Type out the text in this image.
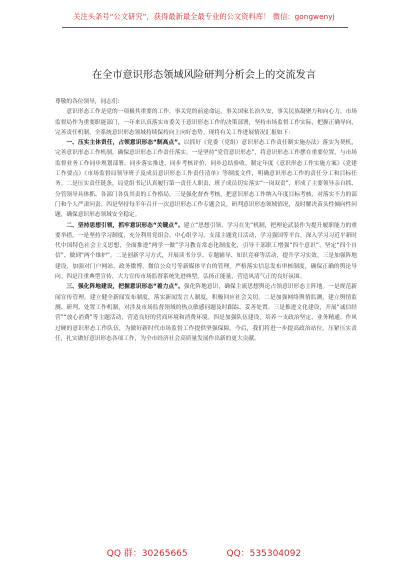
关注头条号“公文研究”，获得最新最全最专业的公文资料库！ 微信：gongwenyj
在全市意识形态领域风险研判分析会上的交流发言

尊敬的各位领导，同志们：

意识形态工作是党的一项极其重要的工作，事关党的前途命运，事关国家长治久安，事关民族凝聚力和向心力。市场监督局作为重要职能部门，一年来认真落实市委关于意识形态工作的决策部署，坚持市场监督工作实际，把握正确导向，完善责任机制，全系统意识形态领域持续保持向上向好态势。现将有关工作进展情况汇报如下：

一、压实主体责任，占领意识形态“制高点”。以抓好《党委（党组）意识形态工作责任制实施办法》落实为契机，完善意识形态工作机制，确保意识形态工作责任落实。一是坚持“党管意识形态”，将意识形态工作摆在重要位置，与市场监督业务工作同步规划部署、同步落实推进、同步考核评价，同步总结验收。制定年度《意识形态工作实施方案》《党建工作要点》《市场监督局领导班子及成员意识形态工作责任清单》等制度文件，明确意识形态工作的责任分工和目标任务。二是压实责任链条，局党组书记认真履行第一责任人职责，班子成员切实落实“一岗双责”，形成了主要领导亲自抓、分管领导具体抓、各部门各负其责的工作格局。三是强化督查考核，把意识形态工作纳入年度目标考核，对落实不力的部门和个人严肃问责。四是坚持每半年召开一次意识形态工作专题会议，研判意识形态领域情况，及时解决苗头性倾向性问题，确保意识形态领域安全稳定。

二、坚持思想引领，抓牢意识形态“关键点”。建立“思想引领、学习在先”机制，把理论武装作为提升履职能力的重要举措，一是坚持学习制度，充分利用党组会、中心组学习、支部主题党日活动，学习强国等平台，深入学习习近平新时代中国特色社会主义思想，全面推进“两学一做”学习教育常态化制度化，引导干部职工增强“四个意识”、坚定“四个自信”、做到“两个维护”。二是创新学习方式，开展读书分享、专题辅导、知识竞赛等活动，提升学习实效。三是加强阵地建设，加强对门户网站、政务微博、微信公众号等新媒体平台的管理，严格落实信息发布审核制度，确保正确的舆论导向。四是注重典型宣传，大力宣传市场监督系统先进典型，弘扬正能量，营造风清气正的良好氛围。

三、强化阵地建设，把握意识形态“着力点”。强化阵地意识，确保主流思想舆论占领意识形态主阵地。一是规范新闻宣传管理，建立健全新闻发布制度，落实新闻发言人制度，积极回应社会关切。二是加强网络舆情监测，建立舆情监测、研判、处置工作机制，对涉及市场监督领域的热点敏感问题及时跟踪、妥善处置。三是推进文化建设，开展“诚信经营”“放心消费”等主题活动，营造良好的营商环境和消费环境。四是加强队伍建设，培养一支政治坚定、业务精通、作风过硬的意识形态工作队伍，为做好新时代市场监督工作提供坚强保障。今后，我们将进一步提高政治站位，压紧压实责任，扎实做好意识形态各项工作，为全市经济社会高质量发展作出新的更大贡献。

QQ 群：30265665	QQ：535304092
